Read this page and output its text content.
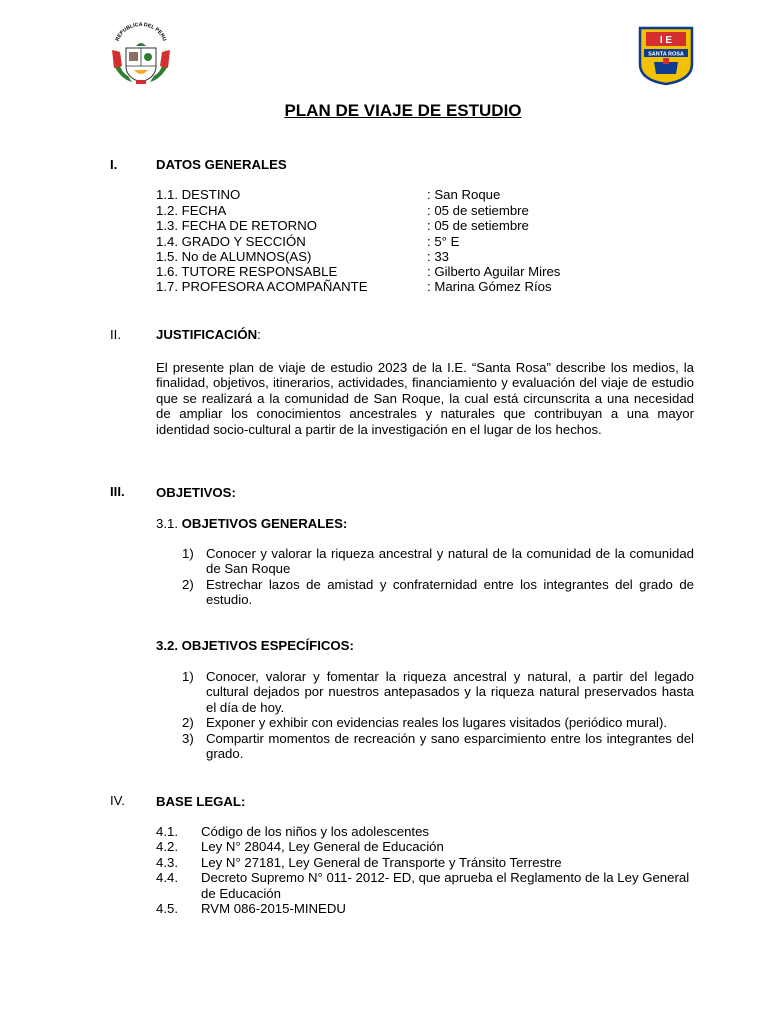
REPUBLICA DEL PERU	I E
SANTA ROSA
PLAN DE VIAJE DE ESTUDIO
I.	DATOS GENERALES
1.1. DESTINO	: San Roque
1.2. FECHA	: 05 de setiembre
1.3. FECHA DE RETORNO	: 05 de setiembre
1.4. GRADO Y SECCIÓN	: 5° E
1.5. No de ALUMNOS(AS)	: 33
1.6. TUTORE RESPONSABLE	: Gilberto Aguilar Mires
1.7. PROFESORA ACOMPAÑANTE	: Marina Gómez Ríos
II.	JUSTIFICACIÓN:
El presente plan de viaje de estudio 2023 de la I.E. “Santa Rosa” describe los medios, la finalidad, objetivos, itinerarios, actividades, financiamiento y evaluación del viaje de estudio que se realizará a la comunidad de San Roque, la cual está circunscrita a una necesidad de ampliar los conocimientos ancestrales y naturales que contribuyan a una mayor identidad socio-cultural a partir de la investigación en el lugar de los hechos.
III. OBJETIVOS:
3.1. OBJETIVOS GENERALES:
1) Conocer y valorar la riqueza ancestral y natural de la comunidad de la comunidad de San Roque
2) Estrechar lazos de amistad y confraternidad entre los integrantes del grado de estudio.
3.2. OBJETIVOS ESPECÍFICOS:
1) Conocer, valorar y fomentar la riqueza ancestral y natural, a partir del legado cultural dejados por nuestros antepasados y la riqueza natural preservados hasta el día de hoy.
2) Exponer y exhibir con evidencias reales los lugares visitados (periódico mural).
3) Compartir momentos de recreación y sano esparcimiento entre los integrantes del grado.
IV. BASE LEGAL:
4.1. Código de los niños y los adolescentes
4.2. Ley N° 28044, Ley General de Educación
4.3. Ley N° 27181, Ley General de Transporte y Tránsito Terrestre
4.4. Decreto Supremo N° 011- 2012- ED, que aprueba el Reglamento de la Ley General de Educación
4.5. RVM 086-2015-MINEDU
